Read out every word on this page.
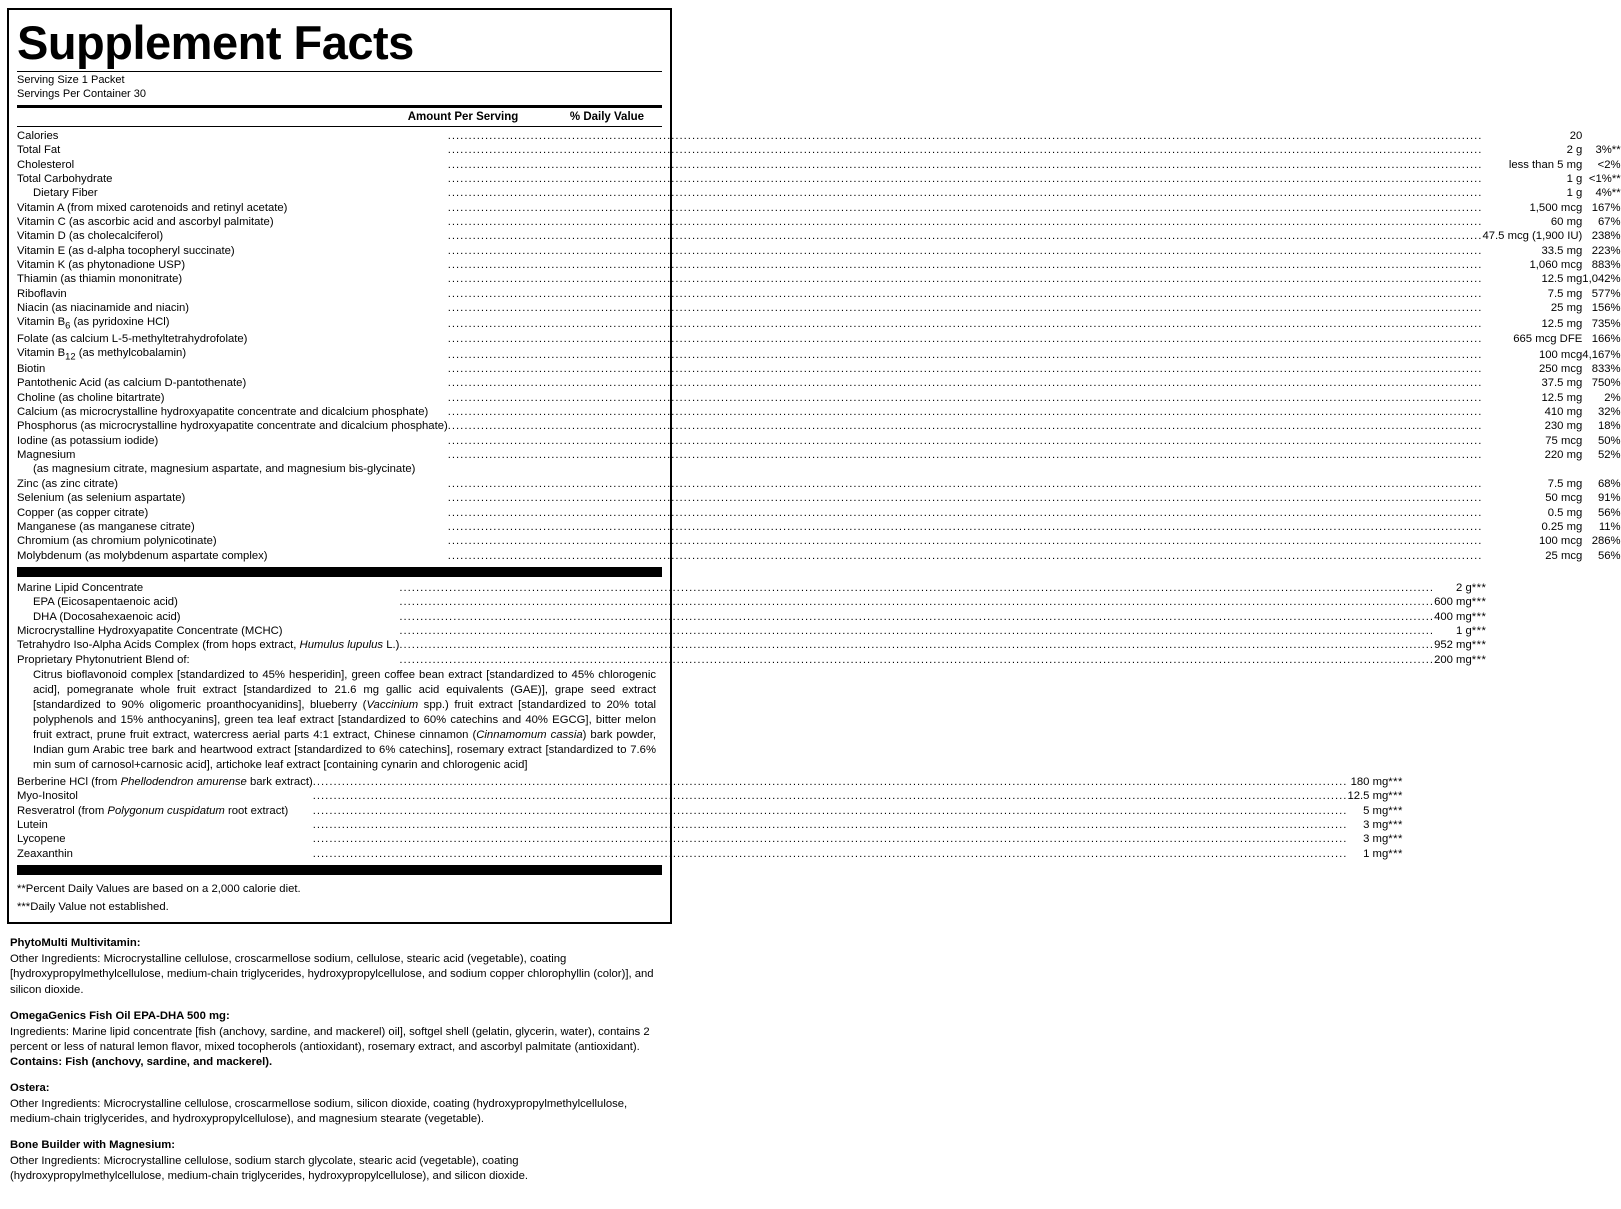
Supplement Facts
Serving Size 1 Packet
Servings Per Container 30
Amount Per Serving	% Daily Value
Calories	.....	20	
Total Fat	.....	2 g	3%**
Cholesterol	.....	less than 5 mg	<2%
Total Carbohydrate	.....	1 g	<1%**
Dietary Fiber	.....	1 g	4%**
Vitamin A (from mixed carotenoids and retinyl acetate)	.....	1,500 mcg	167%
Vitamin C (as ascorbic acid and ascorbyl palmitate)	.....	60 mg	67%
Vitamin D (as cholecalciferol)	.....	47.5 mcg (1,900 IU)	238%
Vitamin E (as d-alpha tocopheryl succinate)	.....	33.5 mg	223%
Vitamin K (as phytonadione USP)	.....	1,060 mcg	883%
Thiamin (as thiamin mononitrate)	.....	12.5 mg	1,042%
Riboflavin	.....	7.5 mg	577%
Niacin (as niacinamide and niacin)	.....	25 mg	156%
Vitamin $B_6$ (as pyridoxine HCl)	.....	12.5 mg	735%
Folate (as calcium L-5-methyltetrahydrofolate)	.....	665 mcg DFE	166%
Vitamin $B_{12}$ (as methylcobalamin)	.....	100 mcg	4,167%
Biotin	.....	250 mcg	833%
Pantothenic Acid (as calcium D-pantothenate)	.....	37.5 mg	750%
Choline (as choline bitartrate)	.....	12.5 mg	2%
Calcium (as microcrystalline hydroxyapatite concentrate and dicalcium phosphate)	.....	410 mg	32%
Phosphorus (as microcrystalline hydroxyapatite concentrate and dicalcium phosphate)	.....	230 mg	18%
Iodine (as potassium iodide)	.....	75 mcg	50%
Magnesium	.....	220 mg	52%
(as magnesium citrate, magnesium aspartate, and magnesium bis-glycinate)			
Zinc (as zinc citrate)	.....	7.5 mg	68%
Selenium (as selenium aspartate)	.....	50 mcg	91%
Copper (as copper citrate)	.....	0.5 mg	56%
Manganese (as manganese citrate)	.....	0.25 mg	11%
Chromium (as chromium polynicotinate)	.....	100 mcg	286%
Molybdenum (as molybdenum aspartate complex)	.....	25 mcg	56%
Marine Lipid Concentrate	.....	2 g	***
EPA (Eicosapentaenoic acid)	.....	600 mg	***
DHA (Docosahexaenoic acid)	.....	400 mg	***
Microcrystalline Hydroxyapatite Concentrate (MCHC)	.....	1 g	***
Tetrahydro Iso-Alpha Acids Complex (from hops extract, Humulus lupulus L.)	.....	952 mg	***
Proprietary Phytonutrient Blend of:	.....	200 mg	***
Citrus bioflavonoid complex [standardized to 45% hesperidin], green coffee bean extract [standardized to 45% chlorogenic acid], pomegranate whole fruit extract [standardized to 21.6 mg gallic acid equivalents (GAE)], grape seed extract [standardized to 90% oligomeric proanthocyanidins], blueberry (Vaccinium spp.) fruit extract [standardized to 20% total polyphenols and 15% anthocyanins], green tea leaf extract [standardized to 60% catechins and 40% EGCG], bitter melon fruit extract, prune fruit extract, watercress aerial parts 4:1 extract, Chinese cinnamon (Cinnamomum cassia) bark powder, Indian gum Arabic tree bark and heartwood extract [standardized to 6% catechins], rosemary extract [standardized to 7.6% min sum of carnosol+carnosic acid], artichoke leaf extract [containing cynarin and chlorogenic acid]
Berberine HCl (from Phellodendron amurense bark extract)	.....	180 mg	***
Myo-Inositol	.....	12.5 mg	***
Resveratrol (from Polygonum cuspidatum root extract)	.....	5 mg	***
Lutein	.....	3 mg	***
Lycopene	.....	3 mg	***
Zeaxanthin	.....	1 mg	***
**Percent Daily Values are based on a 2,000 calorie diet.
***Daily Value not established.
PhytoMulti Multivitamin:
Other Ingredients: Microcrystalline cellulose, croscarmellose sodium, cellulose, stearic acid (vegetable), coating [hydroxypropylmethylcellulose, medium-chain triglycerides, hydroxypropylcellulose, and sodium copper chlorophyllin (color)], and silicon dioxide.
OmegaGenics Fish Oil EPA-DHA 500 mg:
Ingredients: Marine lipid concentrate [fish (anchovy, sardine, and mackerel) oil], softgel shell (gelatin, glycerin, water), contains 2 percent or less of natural lemon flavor, mixed tocopherols (antioxidant), rosemary extract, and ascorbyl palmitate (antioxidant). Contains: Fish (anchovy, sardine, and mackerel).
Ostera:
Other Ingredients: Microcrystalline cellulose, croscarmellose sodium, silicon dioxide, coating (hydroxypropylmethylcellulose, medium-chain triglycerides, and hydroxypropylcellulose), and magnesium stearate (vegetable).
Bone Builder with Magnesium:
Other Ingredients: Microcrystalline cellulose, sodium starch glycolate, stearic acid (vegetable), coating (hydroxypropylmethylcellulose, medium-chain triglycerides, hydroxypropylcellulose), and silicon dioxide.
